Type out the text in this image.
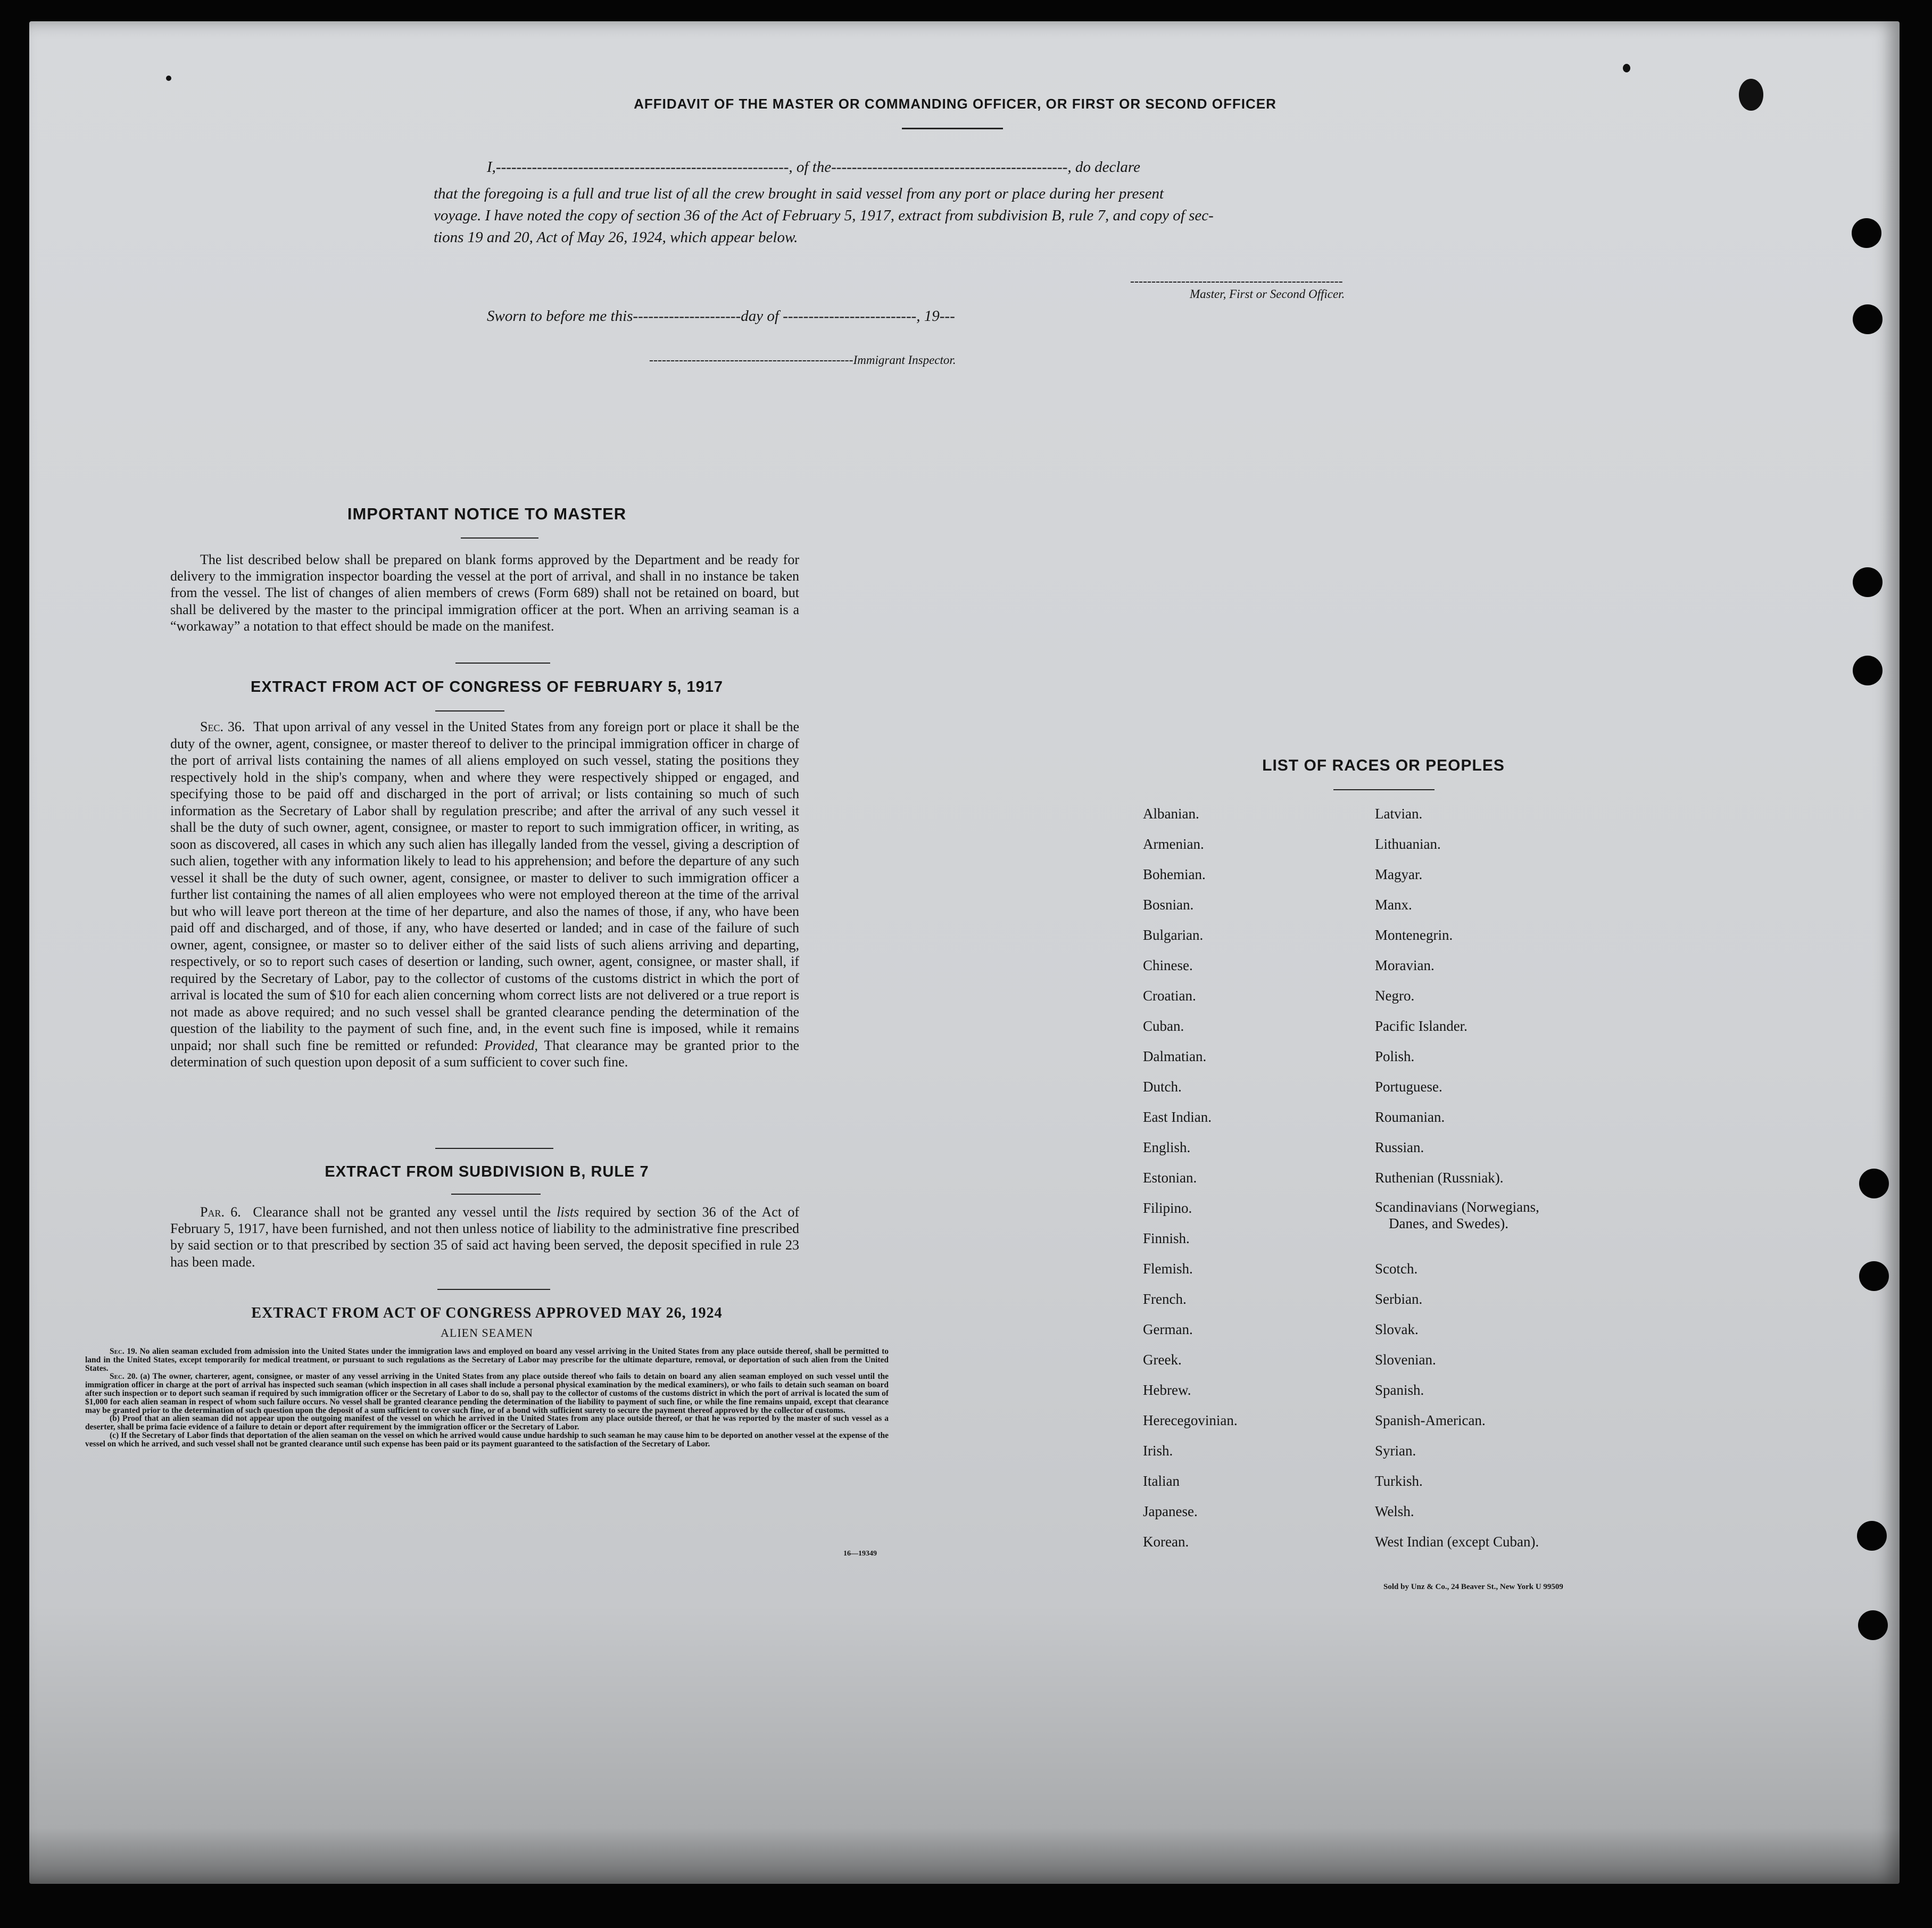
AFFIDAVIT OF THE MASTER OR COMMANDING OFFICER, OR FIRST OR SECOND OFFICER
I,---------------------------------------------------------, of the----------------------------------------------, do declare
that the foregoing is a full and true list of all the crew brought in said vessel from any port or place during her present
voyage. I have noted the copy of section 36 of the Act of February 5, 1917, extract from subdivision B, rule 7, and copy of sec-
tions 19 and 20, Act of May 26, 1924, which appear below.
--------------------------------------------------
Master, First or Second Officer.
Sworn to before me this---------------------day of --------------------------, 19---
------------------------------------------------Immigrant Inspector.
IMPORTANT NOTICE TO MASTER
The list described below shall be prepared on blank forms approved by the Department and be ready for delivery to the immigration inspector boarding the vessel at the port of arrival, and shall in no instance be taken from the vessel. The list of changes of alien members of crews (Form 689) shall not be retained on board, but shall be delivered by the master to the principal immigration officer at the port. When an arriving seaman is a “workaway” a notation to that effect should be made on the manifest.
EXTRACT FROM ACT OF CONGRESS OF FEBRUARY 5, 1917
Sec. 36. That upon arrival of any vessel in the United States from any foreign port or place it shall be the duty of the owner, agent, consignee, or master thereof to deliver to the principal immigration officer in charge of the port of arrival lists containing the names of all aliens employed on such vessel, stating the positions they respectively hold in the ship's company, when and where they were respectively shipped or engaged, and specifying those to be paid off and discharged in the port of arrival; or lists containing so much of such information as the Secretary of Labor shall by regulation prescribe; and after the arrival of any such vessel it shall be the duty of such owner, agent, consignee, or master to report to such immigration officer, in writing, as soon as discovered, all cases in which any such alien has illegally landed from the vessel, giving a description of such alien, together with any information likely to lead to his apprehension; and before the departure of any such vessel it shall be the duty of such owner, agent, consignee, or master to deliver to such immigration officer a further list containing the names of all alien employees who were not employed thereon at the time of the arrival but who will leave port thereon at the time of her departure, and also the names of those, if any, who have been paid off and discharged, and of those, if any, who have deserted or landed; and in case of the failure of such owner, agent, consignee, or master so to deliver either of the said lists of such aliens arriving and departing, respectively, or so to report such cases of desertion or landing, such owner, agent, consignee, or master shall, if required by the Secretary of Labor, pay to the collector of customs of the customs district in which the port of arrival is located the sum of $10 for each alien concerning whom correct lists are not delivered or a true report is not made as above required; and no such vessel shall be granted clearance pending the determination of the question of the liability to the payment of such fine, and, in the event such fine is imposed, while it remains unpaid; nor shall such fine be remitted or refunded: Provided, That clearance may be granted prior to the determination of such question upon deposit of a sum sufficient to cover such fine.
EXTRACT FROM SUBDIVISION B, RULE 7
Par. 6. Clearance shall not be granted any vessel until the lists required by section 36 of the Act of February 5, 1917, have been furnished, and not then unless notice of liability to the administrative fine prescribed by said section or to that prescribed by section 35 of said act having been served, the deposit specified in rule 23 has been made.
EXTRACT FROM ACT OF CONGRESS APPROVED MAY 26, 1924
ALIEN SEAMEN
Sec. 19. No alien seaman excluded from admission into the United States under the immigration laws and employed on board any vessel arriving in the United States from any place outside thereof, shall be permitted to land in the United States, except temporarily for medical treatment, or pursuant to such regulations as the Secretary of Labor may prescribe for the ultimate departure, removal, or deportation of such alien from the United States.
Sec. 20. (a) The owner, charterer, agent, consignee, or master of any vessel arriving in the United States from any place outside thereof who fails to detain on board any alien seaman employed on such vessel until the immigration officer in charge at the port of arrival has inspected such seaman (which inspection in all cases shall include a personal physical examination by the medical examiners), or who fails to detain such seaman on board after such inspection or to deport such seaman if required by such immigration officer or the Secretary of Labor to do so, shall pay to the collector of customs of the customs district in which the port of arrival is located the sum of $1,000 for each alien seaman in respect of whom such failure occurs. No vessel shall be granted clearance pending the determination of the liability to payment of such fine, or while the fine remains unpaid, except that clearance may be granted prior to the determination of such question upon the deposit of a sum sufficient to cover such fine, or of a bond with sufficient surety to secure the payment thereof approved by the collector of customs.
(b) Proof that an alien seaman did not appear upon the outgoing manifest of the vessel on which he arrived in the United States from any place outside thereof, or that he was reported by the master of such vessel as a deserter, shall be prima facie evidence of a failure to detain or deport after requirement by the immigration officer or the Secretary of Labor.
(c) If the Secretary of Labor finds that deportation of the alien seaman on the vessel on which he arrived would cause undue hardship to such seaman he may cause him to be deported on another vessel at the expense of the vessel on which he arrived, and such vessel shall not be granted clearance until such expense has been paid or its payment guaranteed to the satisfaction of the Secretary of Labor.
16—19349
LIST OF RACES OR PEOPLES
Albanian.
Armenian.
Bohemian.
Bosnian.
Bulgarian.
Chinese.
Croatian.
Cuban.
Dalmatian.
Dutch.
East Indian.
English.
Estonian.
Filipino.
Finnish.
Flemish.
French.
German.
Greek.
Hebrew.
Herecegovinian.
Irish.
Italian
Japanese.
Korean.
Latvian.
Lithuanian.
Magyar.
Manx.
Montenegrin.
Moravian.
Negro.
Pacific Islander.
Polish.
Portuguese.
Roumanian.
Russian.
Ruthenian (Russniak).
Scandinavians (Norwegians,
Danes, and Swedes).
Scotch.
Serbian.
Slovak.
Slovenian.
Spanish.
Spanish-American.
Syrian.
Turkish.
Welsh.
West Indian (except Cuban).
Sold by Unz & Co., 24 Beaver St., New York U 99509
